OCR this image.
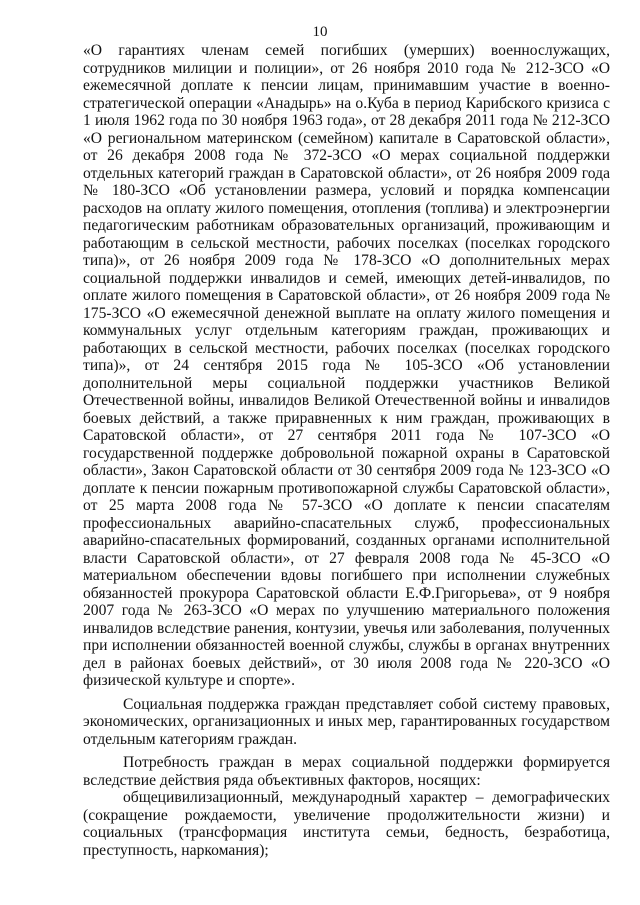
10

«О гарантиях членам семей погибших (умерших) военнослужащих, сотрудников милиции и полиции», от 26 ноября 2010 года № 212-ЗСО «О ежемесячной доплате к пенсии лицам, принимавшим участие в военно-стратегической операции «Анадырь» на о.Куба в период Карибского кризиса с 1 июля 1962 года по 30 ноября 1963 года», от 28 декабря 2011 года № 212-ЗСО «О региональном материнском (семейном) капитале в Саратовской области», от 26 декабря 2008 года № 372-ЗСО «О мерах социальной поддержки отдельных категорий граждан в Саратовской области», от 26 ноября 2009 года № 180-ЗСО «Об установлении размера, условий и порядка компенсации расходов на оплату жилого помещения, отопления (топлива) и электроэнергии педагогическим работникам образовательных организаций, проживающим и работающим в сельской местности, рабочих поселках (поселках городского типа)», от 26 ноября 2009 года № 178-ЗСО «О дополнительных мерах социальной поддержки инвалидов и семей, имеющих детей-инвалидов, по оплате жилого помещения в Саратовской области», от 26 ноября 2009 года № 175-ЗСО «О ежемесячной денежной выплате на оплату жилого помещения и коммунальных услуг отдельным категориям граждан, проживающих и работающих в сельской местности, рабочих поселках (поселках городского типа)», от 24 сентября 2015 года № 105-ЗСО «Об установлении дополнительной меры социальной поддержки участников Великой Отечественной войны, инвалидов Великой Отечественной войны и инвалидов боевых действий, а также приравненных к ним граждан, проживающих в Саратовской области», от 27 сентября 2011 года № 107-ЗСО «О государственной поддержке добровольной пожарной охраны в Саратовской области», Закон Саратовской области от 30 сентября 2009 года № 123-ЗСО «О доплате к пенсии пожарным противопожарной службы Саратовской области», от 25 марта 2008 года № 57-ЗСО «О доплате к пенсии спасателям профессиональных аварийно-спасательных служб, профессиональных аварийно-спасательных формирований, созданных органами исполнительной власти Саратовской области», от 27 февраля 2008 года № 45-ЗСО «О материальном обеспечении вдовы погибшего при исполнении служебных обязанностей прокурора Саратовской области Е.Ф.Григорьева», от 9 ноября 2007 года № 263-ЗСО «О мерах по улучшению материального положения инвалидов вследствие ранения, контузии, увечья или заболевания, полученных при исполнении обязанностей военной службы, службы в органах внутренних дел в районах боевых действий», от 30 июля 2008 года № 220-ЗСО «О физической культуре и спорте».

Социальная поддержка граждан представляет собой систему правовых, экономических, организационных и иных мер, гарантированных государством отдельным категориям граждан.

Потребность граждан в мерах социальной поддержки формируется вследствие действия ряда объективных факторов, носящих:

общецивилизационный, международный характер – демографических (сокращение рождаемости, увеличение продолжительности жизни) и социальных (трансформация института семьи, бедность, безработица, преступность, наркомания);
